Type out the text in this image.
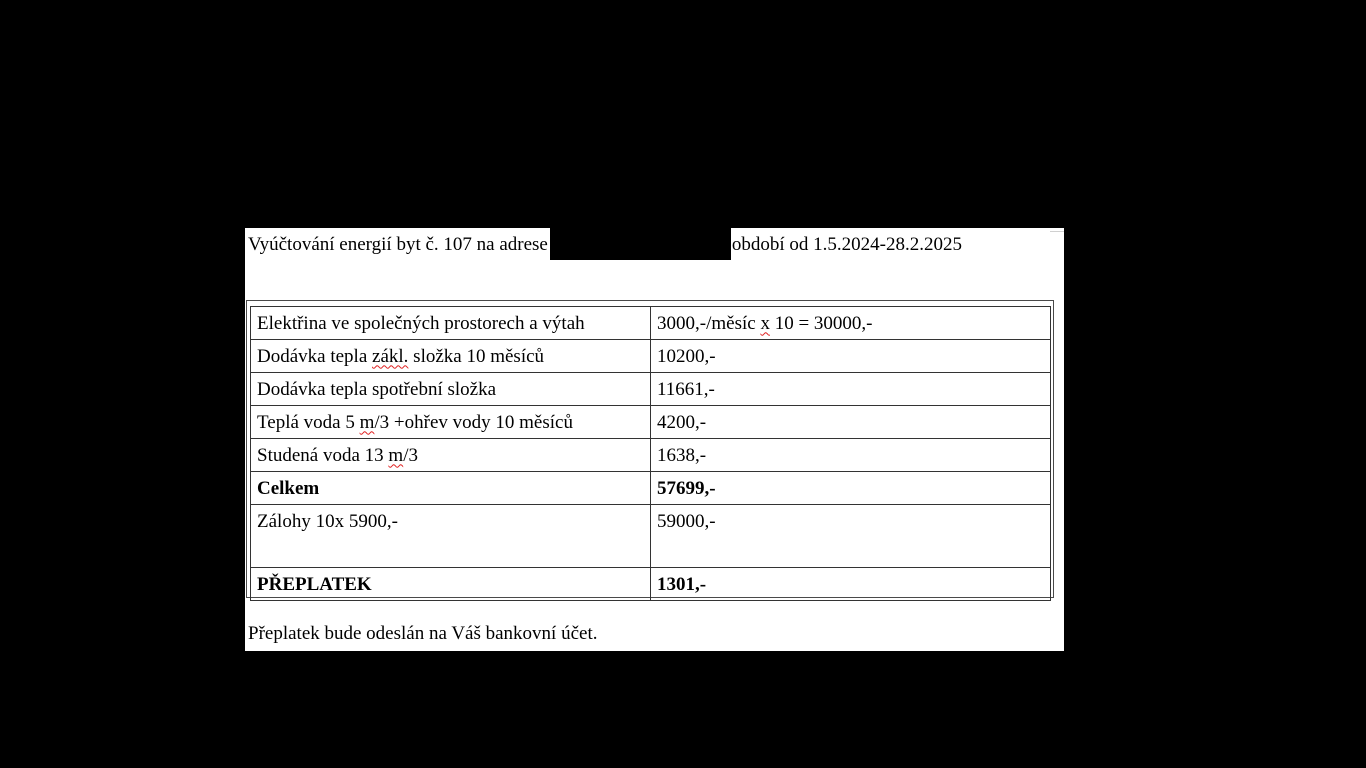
Vyúčtování energií byt č. 107 na adrese	období od 1.5.2024-28.2.2025
Elektřina ve společných prostorech a výtah	3000,-/měsíc x 10 = 30000,-
Dodávka tepla zákl. složka 10 měsíců	10200,-
Dodávka tepla spotřební složka	11661,-
Teplá voda 5 m/3 +ohřev vody 10 měsíců	4200,-
Studená voda 13 m/3	1638,-
Celkem	57699,-
Zálohy 10x 5900,-	59000,-
PŘEPLATEK	1301,-
Přeplatek bude odeslán na Váš bankovní účet.
